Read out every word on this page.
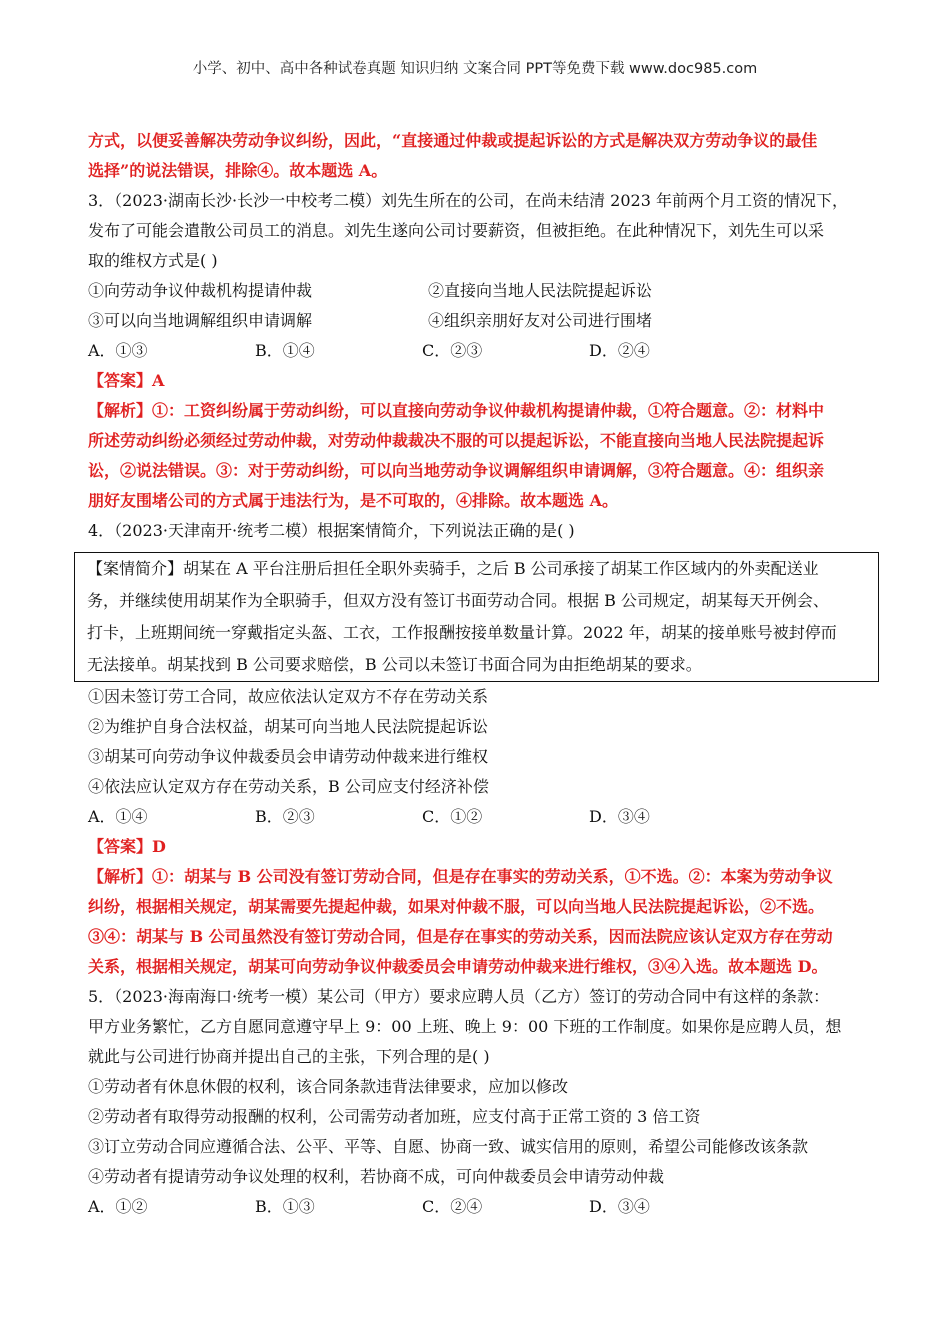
小学、初中、高中各种试卷真题 知识归纳 文案合同 PPT等免费下载 www.doc985.com
方式，以便妥善解决劳动争议纠纷，因此，“直接通过仲裁或提起诉讼的方式是解决双方劳动争议的最佳
选择”的说法错误，排除④。故本题选 A。
3．（2023·湖南长沙·长沙一中校考二模）刘先生所在的公司，在尚未结清 2023 年前两个月工资的情况下，
发布了可能会遣散公司员工的消息。刘先生遂向公司讨要薪资，但被拒绝。在此种情况下，刘先生可以采
取的维权方式是( )
①向劳动争议仲裁机构提请仲裁	②直接向当地人民法院提起诉讼
③可以向当地调解组织申请调解	④组织亲朋好友对公司进行围堵
A．①③	B．①④	C．②③	D．②④
【答案】A
【解析】①：工资纠纷属于劳动纠纷，可以直接向劳动争议仲裁机构提请仲裁，①符合题意。②：材料中
所述劳动纠纷必须经过劳动仲裁，对劳动仲裁裁决不服的可以提起诉讼，不能直接向当地人民法院提起诉
讼，②说法错误。③：对于劳动纠纷，可以向当地劳动争议调解组织申请调解，③符合题意。④：组织亲
朋好友围堵公司的方式属于违法行为，是不可取的，④排除。故本题选 A。
4．（2023·天津南开·统考二模）根据案情简介，下列说法正确的是( )
【案情简介】胡某在 A 平台注册后担任全职外卖骑手，之后 B 公司承接了胡某工作区域内的外卖配送业
务，并继续使用胡某作为全职骑手，但双方没有签订书面劳动合同。根据 B 公司规定，胡某每天开例会、
打卡，上班期间统一穿戴指定头盔、工衣，工作报酬按接单数量计算。2022 年，胡某的接单账号被封停而
无法接单。胡某找到 B 公司要求赔偿，B 公司以未签订书面合同为由拒绝胡某的要求。
①因未签订劳工合同，故应依法认定双方不存在劳动关系
②为维护自身合法权益，胡某可向当地人民法院提起诉讼
③胡某可向劳动争议仲裁委员会申请劳动仲裁来进行维权
④依法应认定双方存在劳动关系，B 公司应支付经济补偿
A．①④	B．②③	C．①②	D．③④
【答案】D
【解析】①：胡某与 B 公司没有签订劳动合同，但是存在事实的劳动关系，①不选。②：本案为劳动争议
纠纷，根据相关规定，胡某需要先提起仲裁，如果对仲裁不服，可以向当地人民法院提起诉讼，②不选。
③④：胡某与 B 公司虽然没有签订劳动合同，但是存在事实的劳动关系，因而法院应该认定双方存在劳动
关系，根据相关规定，胡某可向劳动争议仲裁委员会申请劳动仲裁来进行维权，③④入选。故本题选 D。
5．（2023·海南海口·统考一模）某公司（甲方）要求应聘人员（乙方）签订的劳动合同中有这样的条款：
甲方业务繁忙，乙方自愿同意遵守早上 9：00 上班、晚上 9：00 下班的工作制度。如果你是应聘人员，想
就此与公司进行协商并提出自己的主张，下列合理的是( )
①劳动者有休息休假的权利，该合同条款违背法律要求，应加以修改
②劳动者有取得劳动报酬的权利，公司需劳动者加班，应支付高于正常工资的 3 倍工资
③订立劳动合同应遵循合法、公平、平等、自愿、协商一致、诚实信用的原则，希望公司能修改该条款
④劳动者有提请劳动争议处理的权利，若协商不成，可向仲裁委员会申请劳动仲裁
A．①②	B．①③	C．②④	D．③④
